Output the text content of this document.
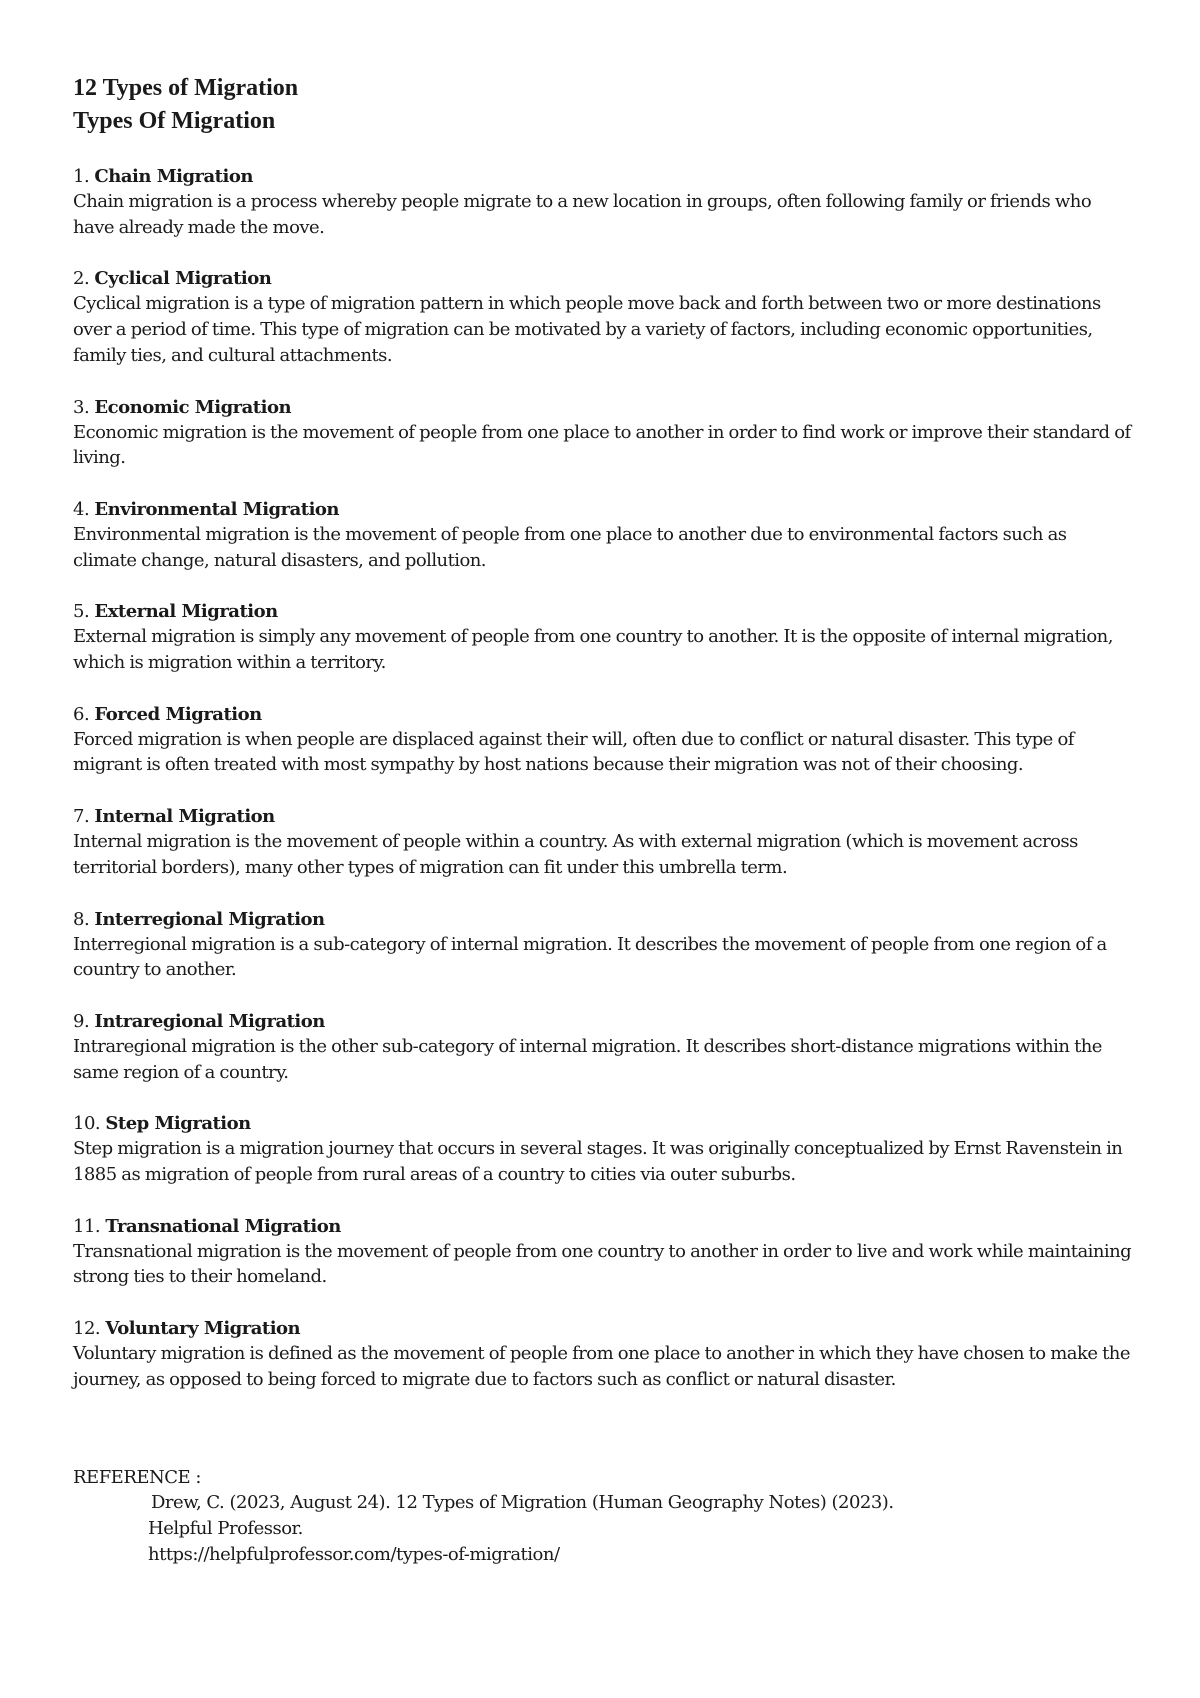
12 Types of Migration
Types Of Migration

1. Chain Migration

Chain migration is a process whereby people migrate to a new location in groups, often following family or friends who have already made the move.

2. Cyclical Migration

Cyclical migration is a type of migration pattern in which people move back and forth between two or more destinations over a period of time. This type of migration can be motivated by a variety of factors, including economic opportunities, family ties, and cultural attachments.

3. Economic Migration

Economic migration is the movement of people from one place to another in order to find work or improve their standard of living.

4. Environmental Migration

Environmental migration is the movement of people from one place to another due to environmental factors such as climate change, natural disasters, and pollution.

5. External Migration

External migration is simply any movement of people from one country to another. It is the opposite of internal migration, which is migration within a territory.

6. Forced Migration

Forced migration is when people are displaced against their will, often due to conflict or natural disaster. This type of migrant is often treated with most sympathy by host nations because their migration was not of their choosing.

7. Internal Migration

Internal migration is the movement of people within a country. As with external migration (which is movement across territorial borders), many other types of migration can fit under this umbrella term.

8. Interregional Migration

Interregional migration is a sub-category of internal migration. It describes the movement of people from one region of a country to another.

9. Intraregional Migration

Intraregional migration is the other sub-category of internal migration. It describes short-distance migrations within the same region of a country.

10. Step Migration

Step migration is a migration journey that occurs in several stages. It was originally conceptualized by Ernst Ravenstein in 1885 as migration of people from rural areas of a country to cities via outer suburbs.

11. Transnational Migration

Transnational migration is the movement of people from one country to another in order to live and work while maintaining strong ties to their homeland.

12. Voluntary Migration

Voluntary migration is defined as the movement of people from one place to another in which they have chosen to make the journey, as opposed to being forced to migrate due to factors such as conflict or natural disaster.

REFERENCE :

Drew, C. (2023, August 24). 12 Types of Migration (Human Geography Notes) (2023).
Helpful Professor.
https://helpfulprofessor.com/types-of-migration/
